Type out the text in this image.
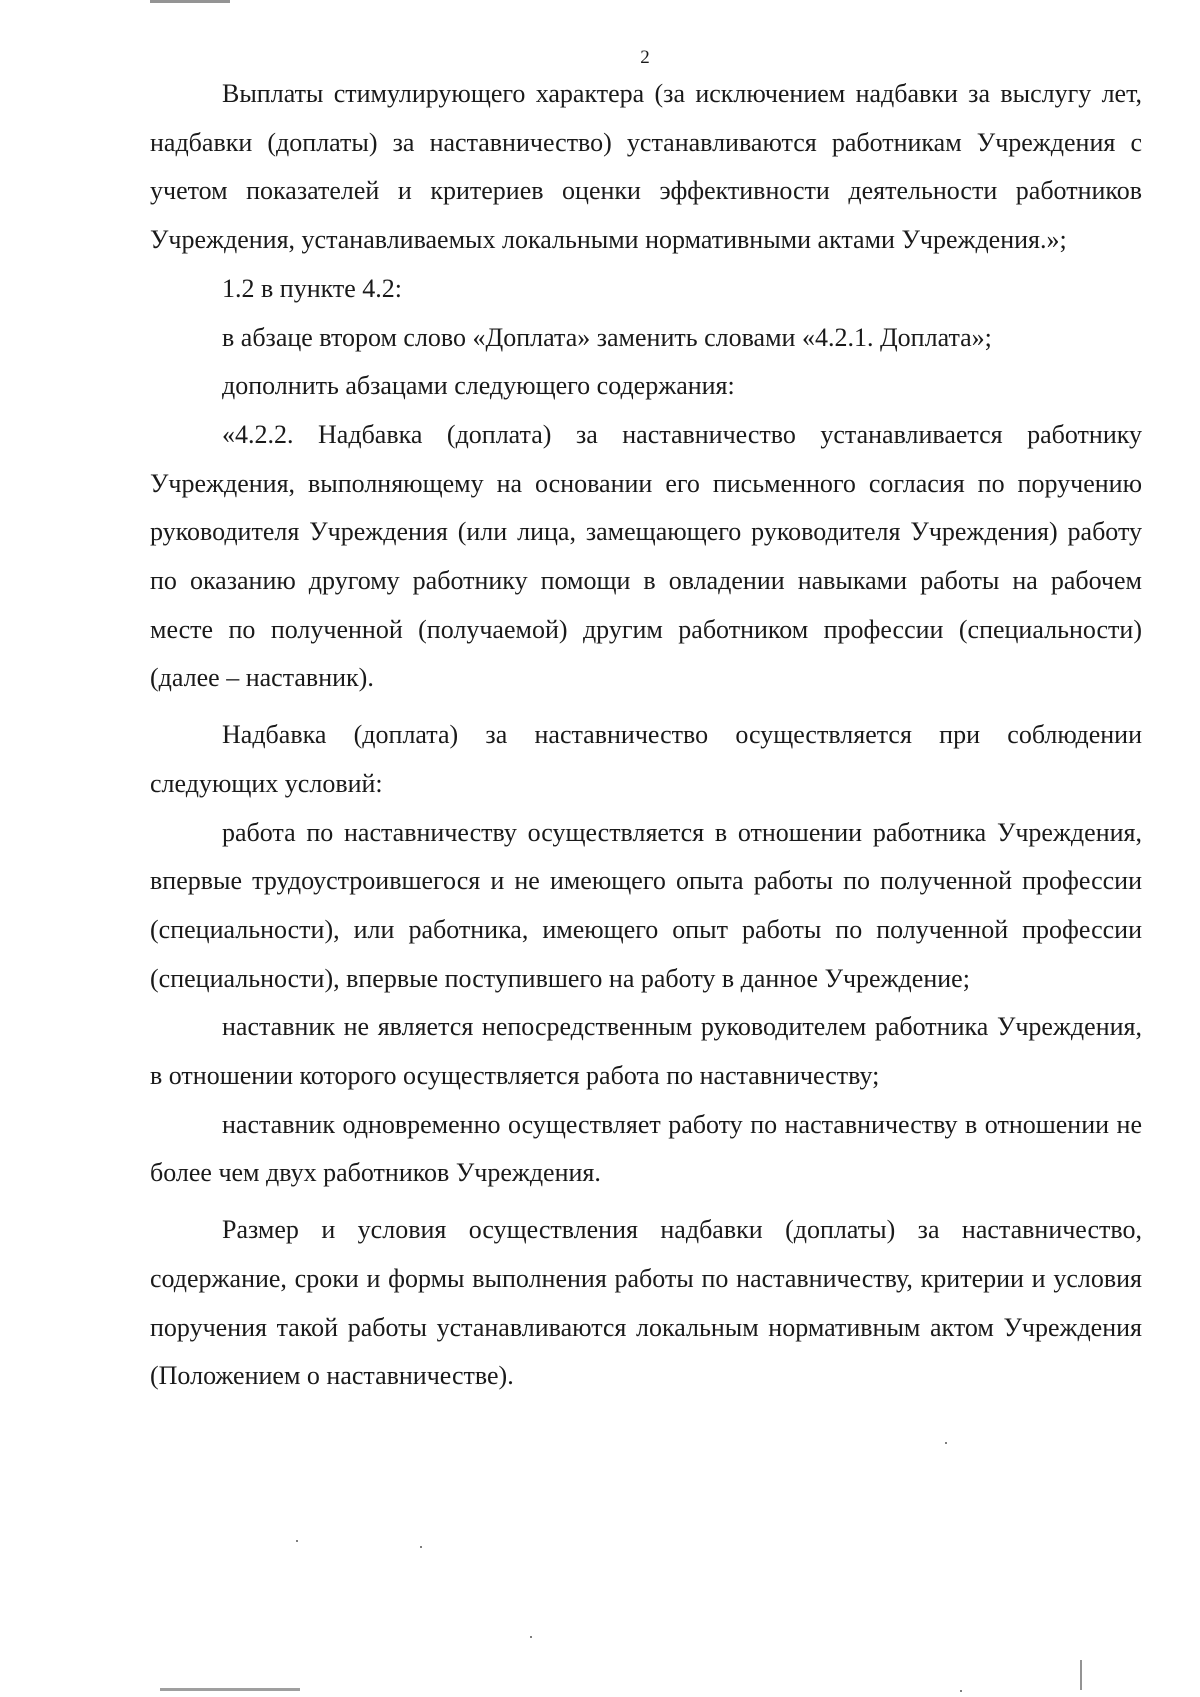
2

Выплаты стимулирующего характера (за исключением надбавки за выслугу лет, надбавки (доплаты) за наставничество) устанавливаются работникам Учреждения с учетом показателей и критериев оценки эффективности деятельности работников Учреждения, устанавливаемых локальными нормативными актами Учреждения.»;

1.2 в пункте 4.2:

в абзаце втором слово «Доплата» заменить словами «4.2.1. Доплата»;

дополнить абзацами следующего содержания:

«4.2.2. Надбавка (доплата) за наставничество устанавливается работнику Учреждения, выполняющему на основании его письменного согласия по поручению руководителя Учреждения (или лица, замещающего руководителя Учреждения) работу по оказанию другому работнику помощи в овладении навыками работы на рабочем месте по полученной (получаемой) другим работником профессии (специальности) (далее – наставник).

Надбавка (доплата) за наставничество осуществляется при соблюдении следующих условий:

работа по наставничеству осуществляется в отношении работника Учреждения, впервые трудоустроившегося и не имеющего опыта работы по полученной профессии (специальности), или работника, имеющего опыт работы по полученной профессии (специальности), впервые поступившего на работу в данное Учреждение;

наставник не является непосредственным руководителем работника Учреждения, в отношении которого осуществляется работа по наставничеству;

наставник одновременно осуществляет работу по наставничеству в отношении не более чем двух работников Учреждения.

Размер и условия осуществления надбавки (доплаты) за наставничество, содержание, сроки и формы выполнения работы по наставничеству, критерии и условия поручения такой работы устанавливаются локальным нормативным актом Учреждения (Положением о наставничестве).
